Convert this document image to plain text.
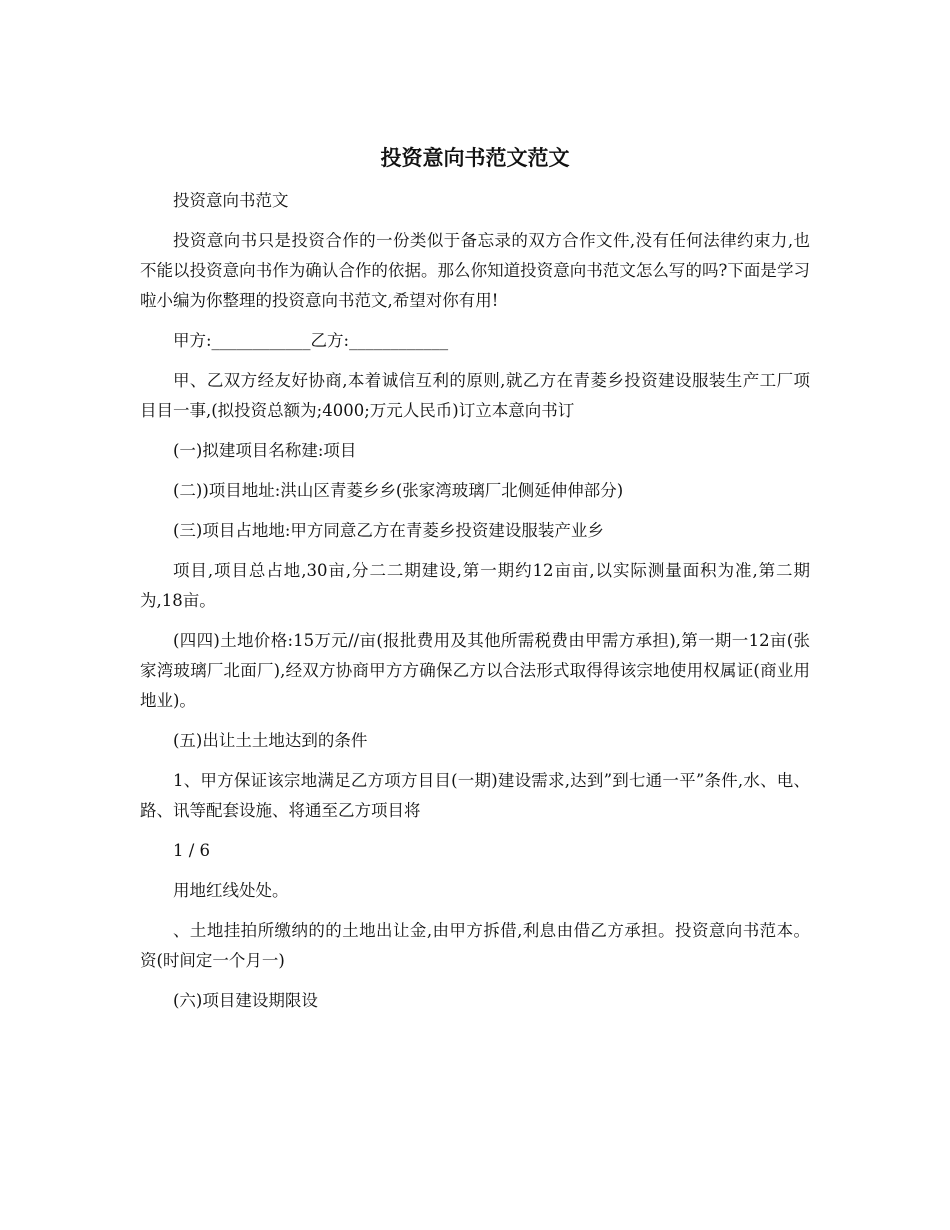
投资意向书范文范文

投资意向书范文

投资意向书只是投资合作的一份类似于备忘录的双方合作文件,没有任何法律约束力,也不能以投资意向书作为确认合作的依据。那么你知道投资意向书范文怎么写的吗?下面是学习啦小编为你整理的投资意向书范文,希望对你有用!

甲方:____________乙方:____________

甲、乙双方经友好协商,本着诚信互利的原则,就乙方在青菱乡投资建设服装生产工厂项目目一事,(拟投资总额为;4000;万元人民币)订立本意向书订

(一)拟建项目名称建:项目

(二))项目地址:洪山区青菱乡乡(张家湾玻璃厂北侧延伸伸部分)

(三)项目占地地:甲方同意乙方在青菱乡投资建设服装产业乡

项目,项目总占地,30亩,分二二期建设,第一期约12亩亩,以实际测量面积为准,第二期为,18亩。

(四四)土地价格:15万元//亩(报批费用及其他所需税费由甲需方承担),第一期一12亩(张家湾玻璃厂北面厂),经双方协商甲方方确保乙方以合法形式取得得该宗地使用权属证(商业用地业)。

(五)出让土土地达到的条件

1、甲方保证该宗地满足乙方项方目目(一期)建设需求,达到”到七通一平”条件,水、电、路、讯等配套设施、将通至乙方项目将

1 / 6

用地红线处处。

、土地挂拍所缴纳的的土地出让金,由甲方拆借,利息由借乙方承担。投资意向书范本。资(时间定一个月一)

(六)项目建设期限设
